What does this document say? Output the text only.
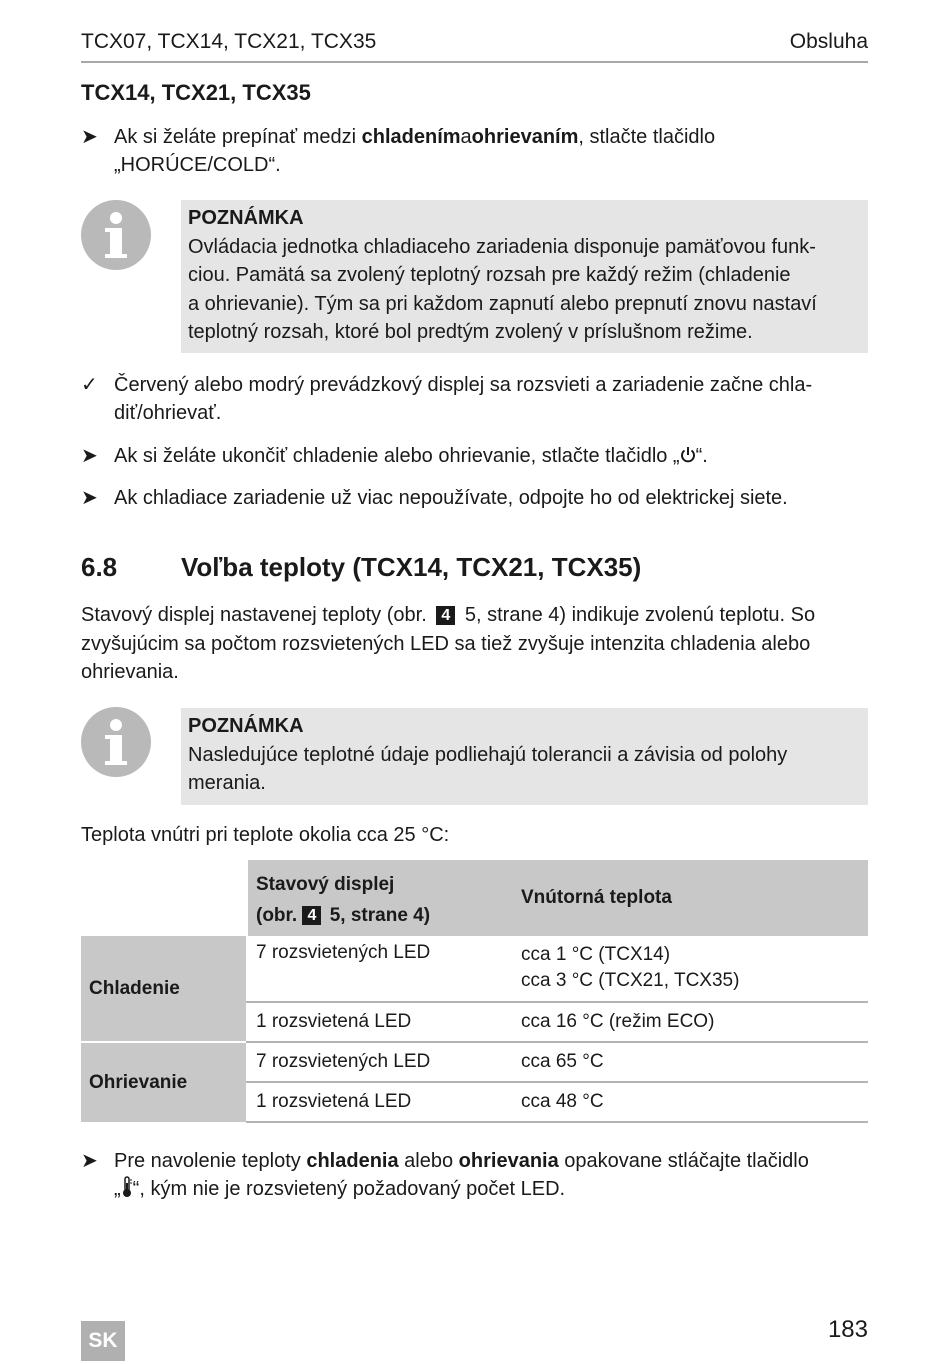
TCX07, TCX14, TCX21, TCX35	Obsluha
TCX14, TCX21, TCX35
➤ Ak si želáte prepínať medzi chladenímaohrievaním, stlačte tlačidlo
„HORÚCE/COLD“.
POZNÁMKA
Ovládacia jednotka chladiaceho zariadenia disponuje pamäťovou funk-
ciou. Pamätá sa zvolený teplotný rozsah pre každý režim (chladenie
a ohrievanie). Tým sa pri každom zapnutí alebo prepnutí znovu nastaví
teplotný rozsah, ktoré bol predtým zvolený v príslušnom režime.
✓ Červený alebo modrý prevádzkový displej sa rozsvieti a zariadenie začne chla-
diť/ohrievať.
➤ Ak si želáte ukončiť chladenie alebo ohrievanie, stlačte tlačidlo „ “.
➤ Ak chladiace zariadenie už viac nepoužívate, odpojte ho od elektrickej siete.
6.8 Voľba teploty (TCX14, TCX21, TCX35)
Stavový displej nastavenej teploty (obr. 4 5, strane 4) indikuje zvolenú teplotu. So
zvyšujúcim sa počtom rozsvietených LED sa tiež zvyšuje intenzita chladenia alebo
ohrievania.
POZNÁMKA
Nasledujúce teplotné údaje podliehajú tolerancii a závisia od polohy
merania.
Teplota vnútri pri teplote okolia cca 25 °C:
	Stavový displej
(obr. 4 5, strane 4)	Vnútorná teplota
Chladenie	7 rozsvietených LED	cca 1 °C (TCX14)
cca 3 °C (TCX21, TCX35)
	1 rozsvietená LED	cca 16 °C (režim ECO)
Ohrievanie	7 rozsvietených LED	cca 65 °C
	1 rozsvietená LED	cca 48 °C
➤ Pre navolenie teploty chladenia alebo ohrievania opakovane stláčajte tlačidlo
„ “, kým nie je rozsvietený požadovaný počet LED.
SK	183
